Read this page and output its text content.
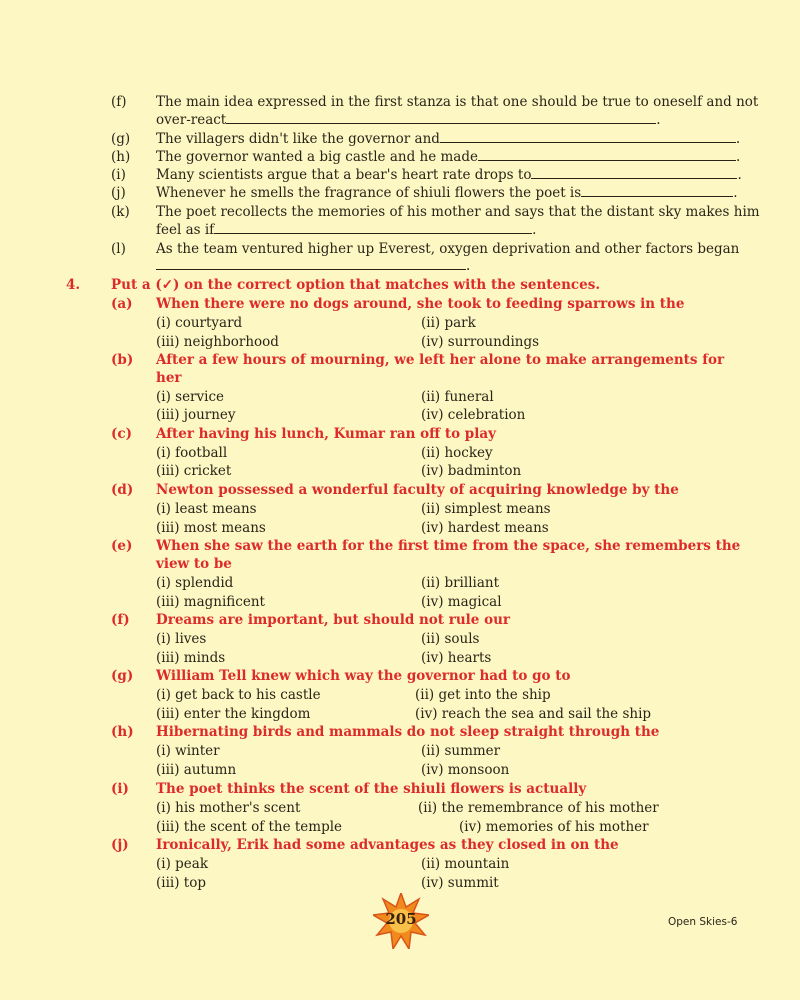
(f) The main idea expressed in the first stanza is that one should be true to oneself and not
over-react	.
(g) The villagers didn't like the governor and	.
(h) The governor wanted a big castle and he made	.
(i) Many scientists argue that a bear's heart rate drops to	.
(j) Whenever he smells the fragrance of shiuli flowers the poet is	.
(k) The poet recollects the memories of his mother and says that the distant sky makes him
feel as if	.
(l) As the team ventured higher up Everest, oxygen deprivation and other factors began
.
4. Put a (✓) on the correct option that matches with the sentences.
(a) When there were no dogs around, she took to feeding sparrows in the
(i) courtyard	(ii) park
(iii) neighborhood	(iv) surroundings
(b) After a few hours of mourning, we left her alone to make arrangements for
her
(i) service	(ii) funeral
(iii) journey	(iv) celebration
(c) After having his lunch, Kumar ran off to play
(i) football	(ii) hockey
(iii) cricket	(iv) badminton
(d) Newton possessed a wonderful faculty of acquiring knowledge by the
(i) least means	(ii) simplest means
(iii) most means	(iv) hardest means
(e) When she saw the earth for the first time from the space, she remembers the
view to be
(i) splendid	(ii) brilliant
(iii) magnificent	(iv) magical
(f) Dreams are important, but should not rule our
(i) lives	(ii) souls
(iii) minds	(iv) hearts
(g) William Tell knew which way the governor had to go to
(i) get back to his castle	(ii) get into the ship
(iii) enter the kingdom	(iv) reach the sea and sail the ship
(h) Hibernating birds and mammals do not sleep straight through the
(i) winter	(ii) summer
(iii) autumn	(iv) monsoon
(i) The poet thinks the scent of the shiuli flowers is actually
(i) his mother's scent	(ii) the remembrance of his mother
(iii) the scent of the temple	(iv) memories of his mother
(j) Ironically, Erik had some advantages as they closed in on the
(i) peak	(ii) mountain
(iii) top	(iv) summit
205	Open Skies-6
